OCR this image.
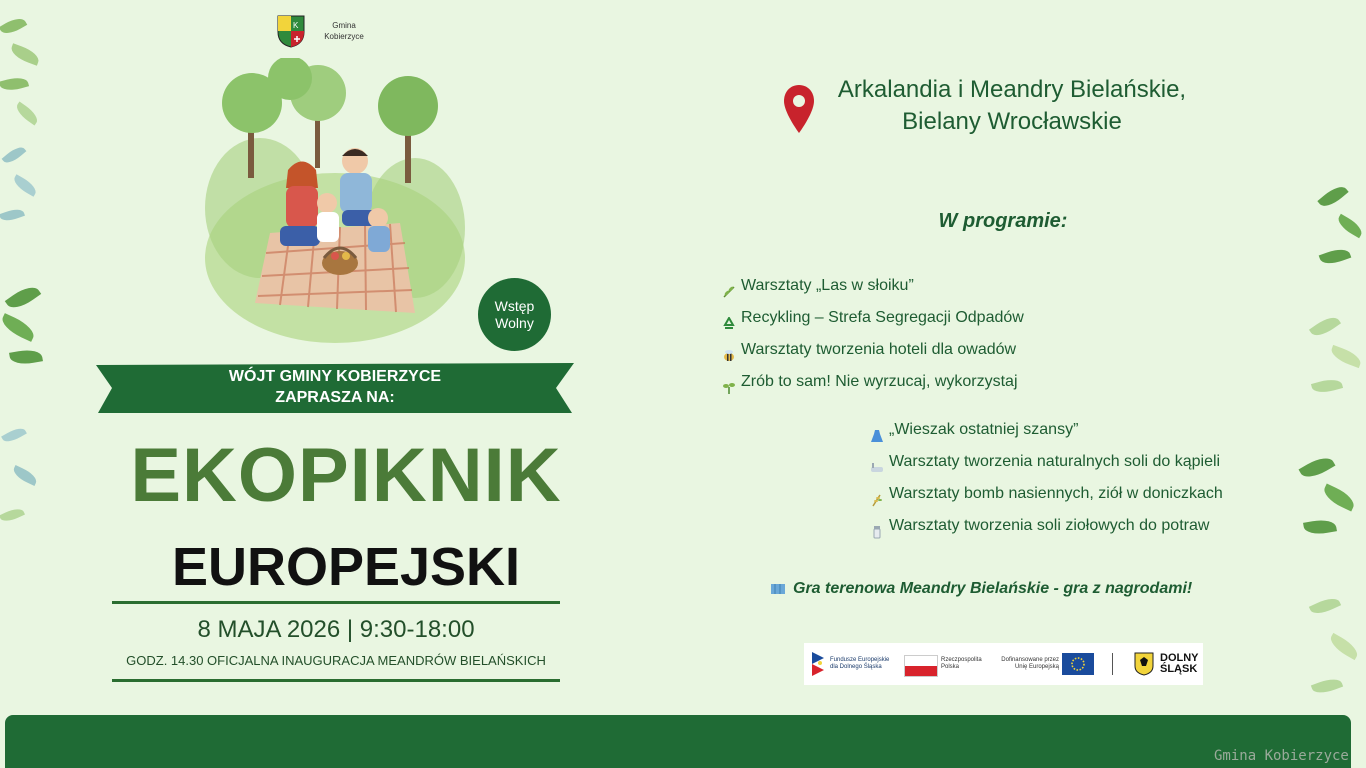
K	Gmina
Kobierzyce
Wstęp
Wolny
WÓJT GMINY KOBIERZYCE
ZAPRASZA NA:
EKOPIKNIK
EUROPEJSKI
8 MAJA 2026 | 9:30-18:00
GODZ. 14.30 OFICJALNA INAUGURACJA MEANDRÓW BIELAŃSKICH
Arkalandia i Meandry Bielańskie,
Bielany Wrocławskie
W programie:
Warsztaty „Las w słoiku”
Recykling – Strefa Segregacji Odpadów
Warsztaty tworzenia hoteli dla owadów
Zrób to sam! Nie wyrzucaj, wykorzystaj
„Wieszak ostatniej szansy”
Warsztaty tworzenia naturalnych soli do kąpieli
Warsztaty bomb nasiennych, ziół w doniczkach
Warsztaty tworzenia soli ziołowych do potraw
Gra terenowa Meandry Bielańskie - gra z nagrodami!
Fundusze Europejskie
dla Dolnego Śląska
Rzeczpospolita
Polska
Dofinansowane przez
Unię Europejską
DOLNY
ŚLĄSK
Gmina Kobierzyce
